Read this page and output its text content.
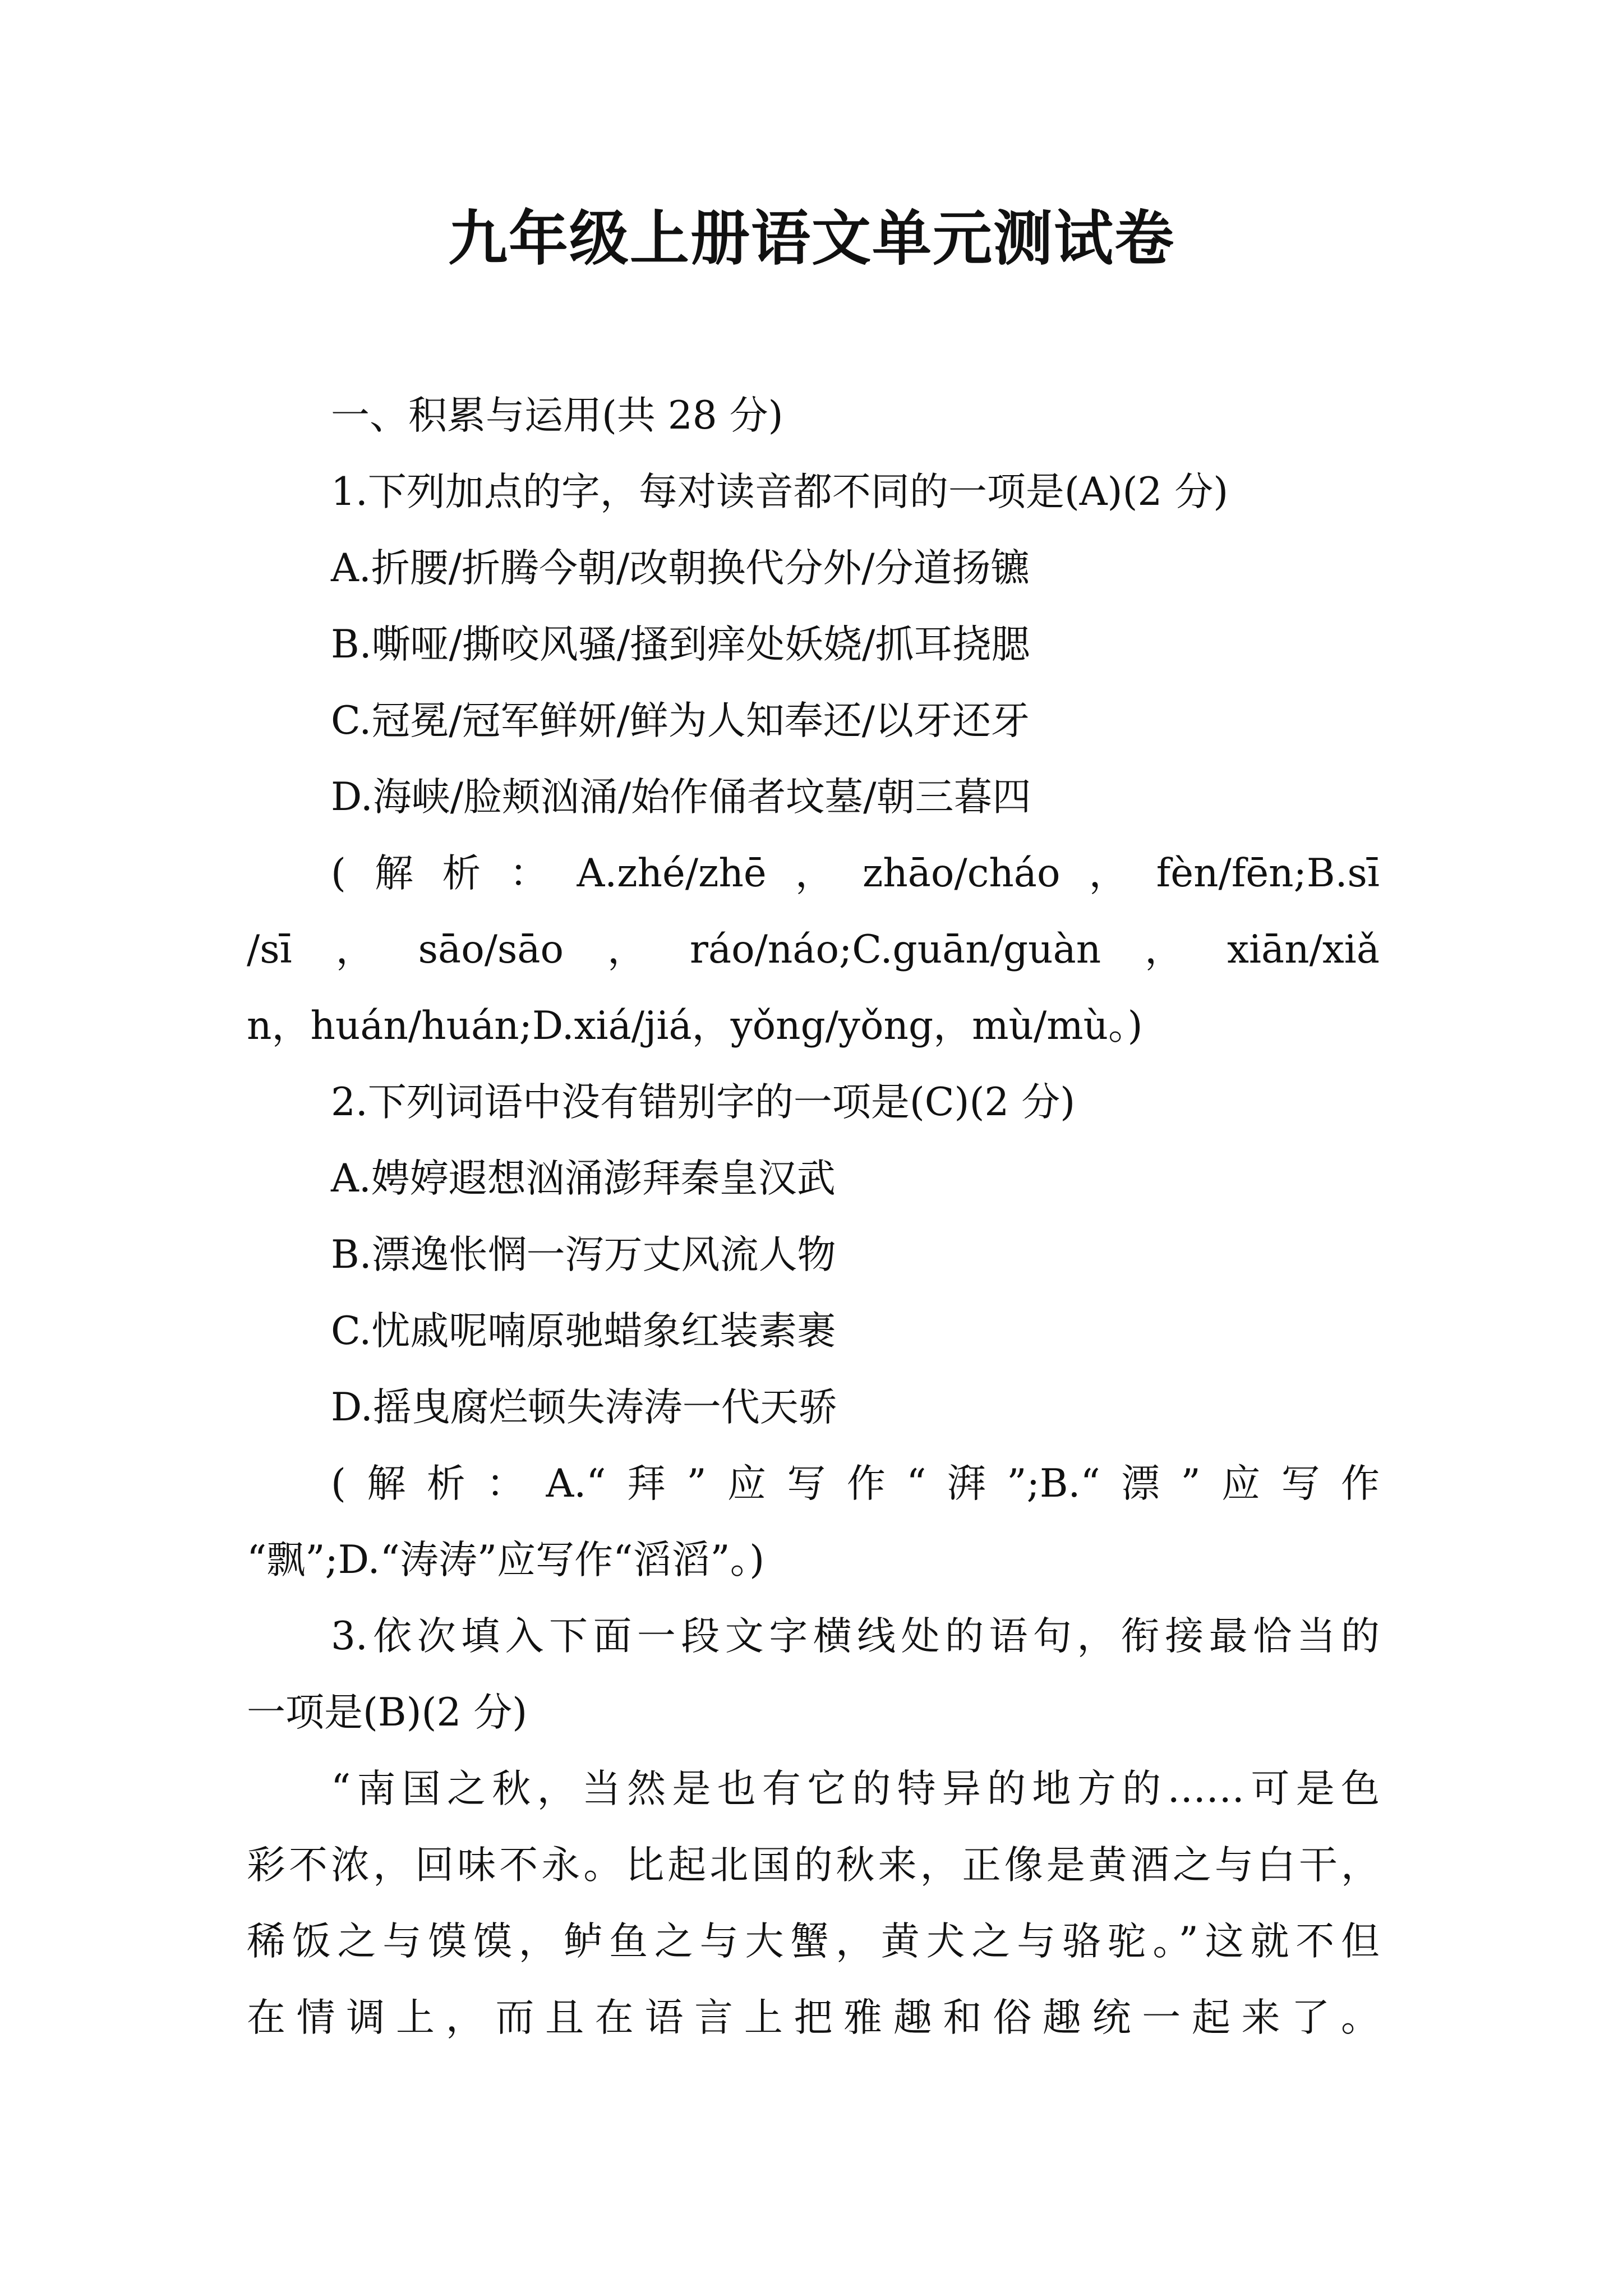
九年级上册语文单元测试卷
一、积累与运用(共 28 分)
1.下列加点的字，每对读音都不同的一项是(A)(2 分)
A.折腰/折腾今朝/改朝换代分外/分道扬镳
B.嘶哑/撕咬风骚/搔到痒处妖娆/抓耳挠腮
C.冠冕/冠军鲜妍/鲜为人知奉还/以牙还牙
D.海峡/脸颊汹涌/始作俑者坟墓/朝三暮四
(解析：A.zhé/zhē，zhāo/cháo，fèn/fēn;B.sī
/sī，sāo/sāo，ráo/náo;C.guān/guàn，xiān/xiǎ
n，huán/huán;D.xiá/jiá，yǒng/yǒng，mù/mù。)
2.下列词语中没有错别字的一项是(C)(2 分)
A.娉婷遐想汹涌澎拜秦皇汉武
B.漂逸怅惘一泻万丈风流人物
C.忧戚呢喃原驰蜡象红装素裹
D.摇曳腐烂顿失涛涛一代天骄
(解析：A.“拜”应写作“湃”;B.“漂”应写作
“飘”;D.“涛涛”应写作“滔滔”。)
3.依次填入下面一段文字横线处的语句，衔接最恰当的
一项是(B)(2 分)
“南国之秋，当然是也有它的特异的地方的……可是色
彩不浓，回味不永。比起北国的秋来，正像是黄酒之与白干，
稀饭之与馍馍，鲈鱼之与大蟹，黄犬之与骆驼。”这就不但
在情调上，而且在语言上把雅趣和俗趣统一起来了。
